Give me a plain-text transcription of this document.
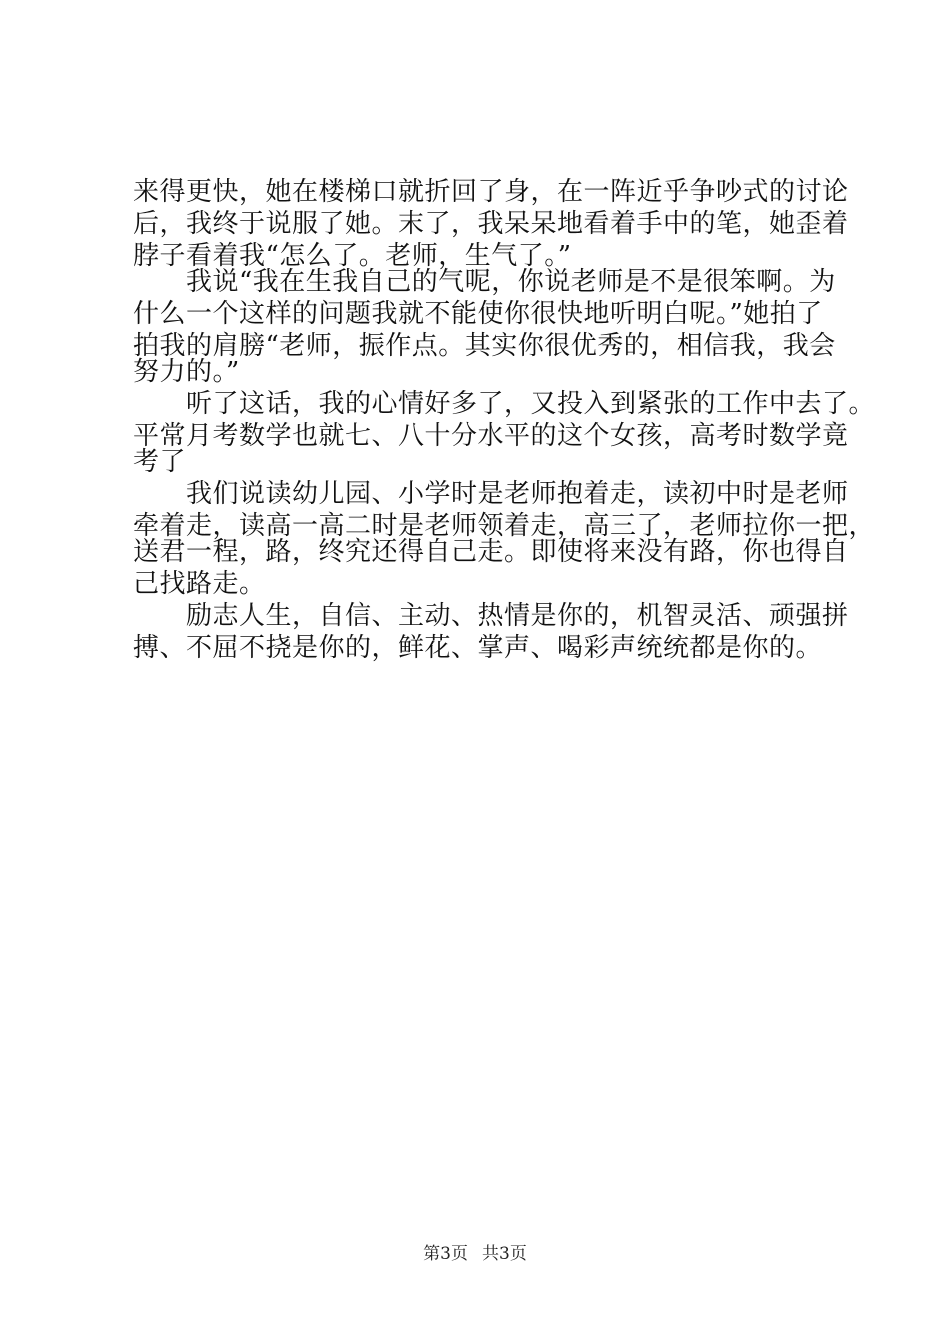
来得更快，她在楼梯口就折回了身，在一阵近乎争吵式的讨论
后，我终于说服了她。末了，我呆呆地看着手中的笔，她歪着
脖子看着我“怎么了。老师，生气了。”
　　我说“我在生我自己的气呢，你说老师是不是很笨啊。为
什么一个这样的问题我就不能使你很快地听明白呢。”她拍了
拍我的肩膀“老师，振作点。其实你很优秀的，相信我，我会
努力的。”
　　听了这话，我的心情好多了，又投入到紧张的工作中去了。
平常月考数学也就七、八十分水平的这个女孩，高考时数学竟
考了
　　我们说读幼儿园、小学时是老师抱着走，读初中时是老师
牵着走，读高一高二时是老师领着走，高三了，老师拉你一把，
送君一程，路，终究还得自己走。即使将来没有路，你也得自
己找路走。
　　励志人生，自信、主动、热情是你的，机智灵活、顽强拼
搏、不屈不挠是你的，鲜花、掌声、喝彩声统统都是你的。
第3页 共3页
